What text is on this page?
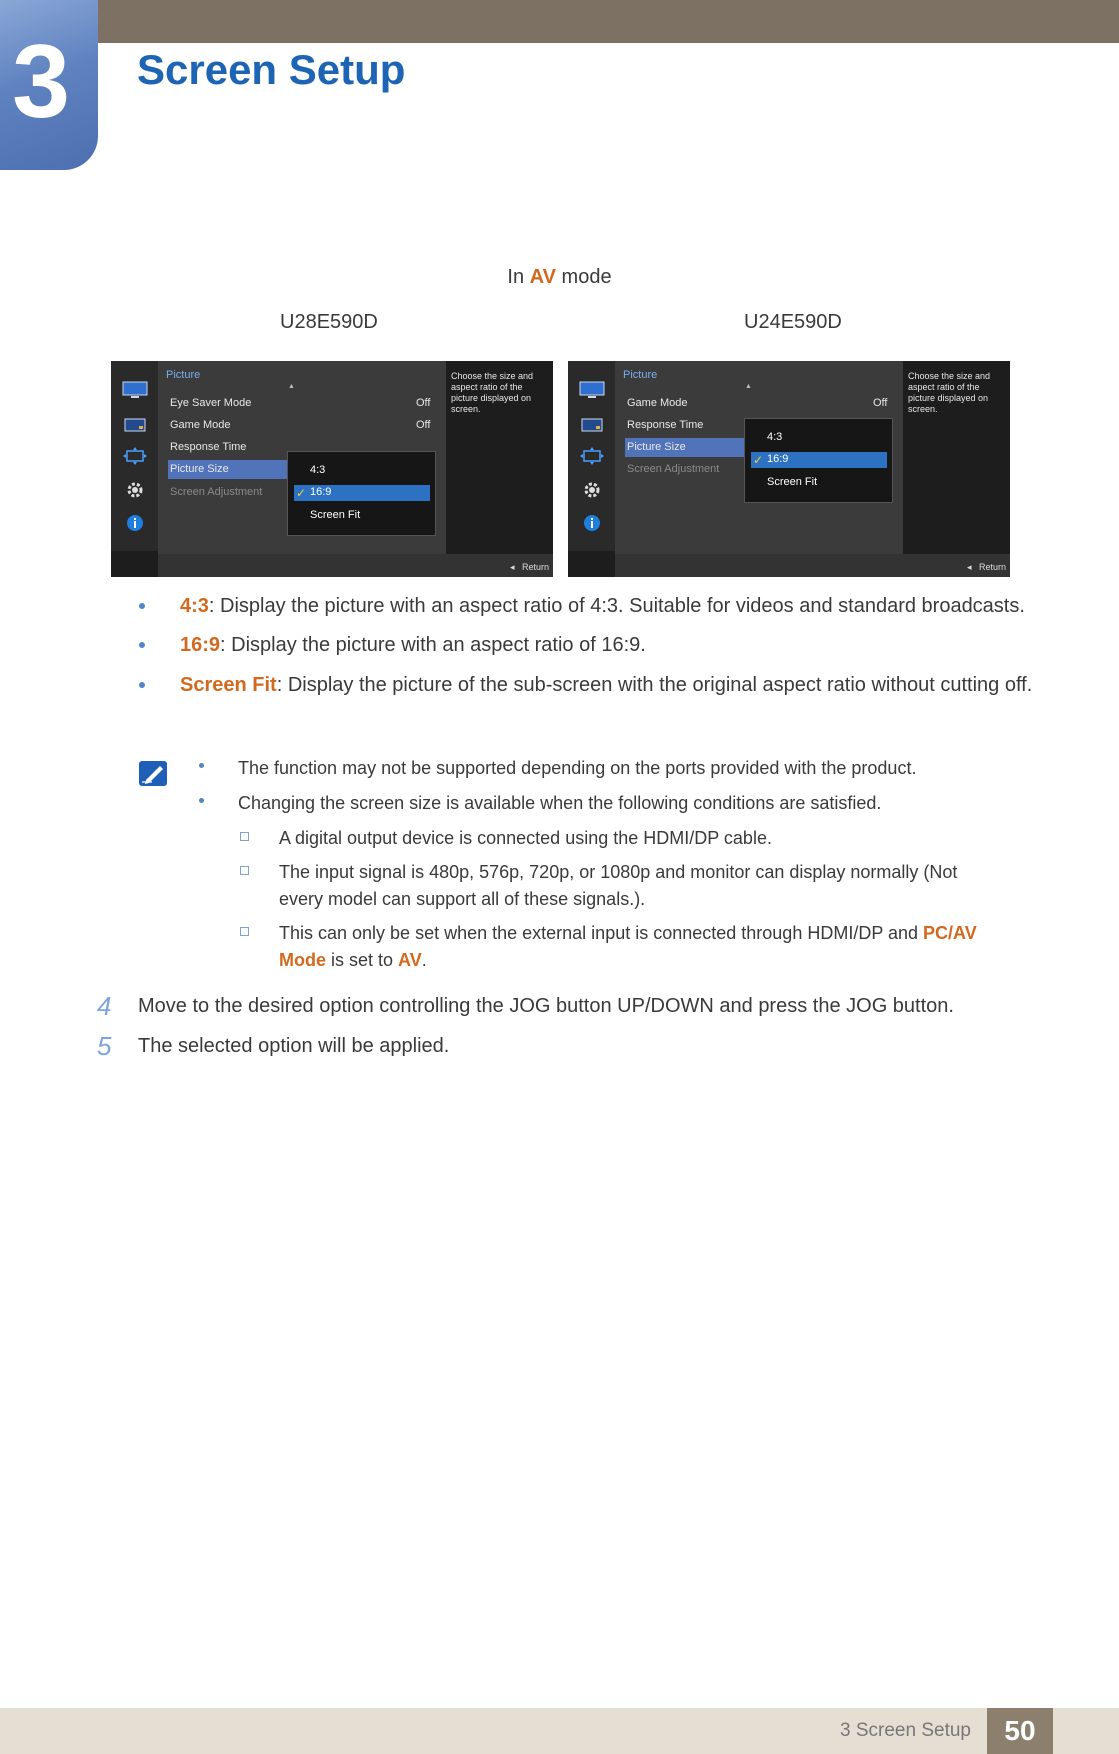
3 Screen Setup
In AV mode
U28E590D	U24E590D
Picture
▲
Eye Saver Mode	Off
Game Mode	Off
Response Time
Picture Size
Screen Adjustment
4:3
✓ 16:9
Screen Fit
Choose the size and aspect ratio of the picture displayed on screen.
◂   Return
Picture
▲
Game Mode	Off
Response Time
Picture Size
Screen Adjustment
4:3
✓ 16:9
Screen Fit
Choose the size and aspect ratio of the picture displayed on screen.
◂   Return
4:3: Display the picture with an aspect ratio of 4:3. Suitable for videos and standard broadcasts.
16:9: Display the picture with an aspect ratio of 16:9.
Screen Fit: Display the picture of the sub-screen with the original aspect ratio without cutting off.
The function may not be supported depending on the ports provided with the product.
Changing the screen size is available when the following conditions are satisfied.
A digital output device is connected using the HDMI/DP cable.
The input signal is 480p, 576p, 720p, or 1080p and monitor can display normally (Not every model can support all of these signals.).
This can only be set when the external input is connected through HDMI/DP and PC/AV Mode is set to AV.
4 Move to the desired option controlling the JOG button UP/DOWN and press the JOG button.
5 The selected option will be applied.
3 Screen Setup	50
